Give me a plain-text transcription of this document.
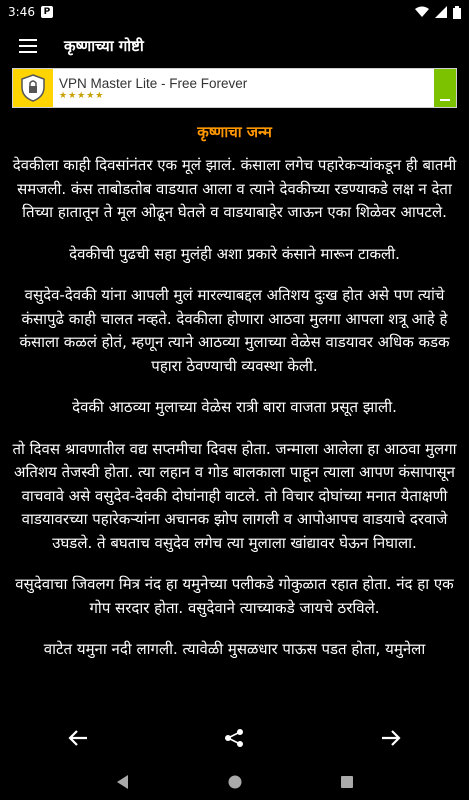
3:46 P
कृष्णाच्या गोष्टी
VPN Master Lite - Free Forever
★★★★★
कृष्णाचा जन्म

देवकीला काही दिवसांनंतर एक मूलं झालं. कंसाला लगेच पहारेकऱ्यांकडून ही बातमी समजली. कंस ताबोडतोब वाडयात आला व त्याने देवकीच्या रडण्याकडे लक्ष न देता तिच्या हातातून ते मूल ओढून घेतले व वाडयाबाहेर जाऊन एका शिळेवर आपटले.

देवकीची पुढची सहा मुलंही अशा प्रकारे कंसाने मारून टाकली.

वसुदेव-देवकी यांना आपली मुलं मारल्याबद्दल अतिशय दुःख होत असे पण त्यांचे कंसापुढे काही चालत नव्हते. देवकीला होणारा आठवा मुलगा आपला शत्रू आहे हे कंसाला कळलं होतं, म्हणून त्याने आठव्या मुलाच्या वेळेस वाडयावर अधिक कडक पहारा ठेवण्याची व्यवस्था केली.

देवकी आठव्या मुलाच्या वेळेस रात्री बारा वाजता प्रसूत झाली.

तो दिवस श्रावणातील वद्य सप्तमीचा दिवस होता. जन्माला आलेला हा आठवा मुलगा अतिशय तेजस्वी होता. त्या लहान व गोड बालकाला पाहून त्याला आपण कंसापासून वाचवावे असे वसुदेव-देवकी दोघांनाही वाटले. तो विचार दोघांच्या मनात येताक्षणी वाडयावरच्या पहारेकऱ्यांना अचानक झोप लागली व आपोआपच वाडयाचे दरवाजे उघडले. ते बघताच वसुदेव लगेच त्या मुलाला खांद्यावर घेऊन निघाला.

वसुदेवाचा जिवलग मित्र नंद हा यमुनेच्या पलीकडे गोकुळात रहात होता. नंद हा एक गोप सरदार होता. वसुदेवाने त्याच्याकडे जायचे ठरविले.

वाटेत यमुना नदी लागली. त्यावेळी मुसळधार पाऊस पडत होता, यमुनेला
